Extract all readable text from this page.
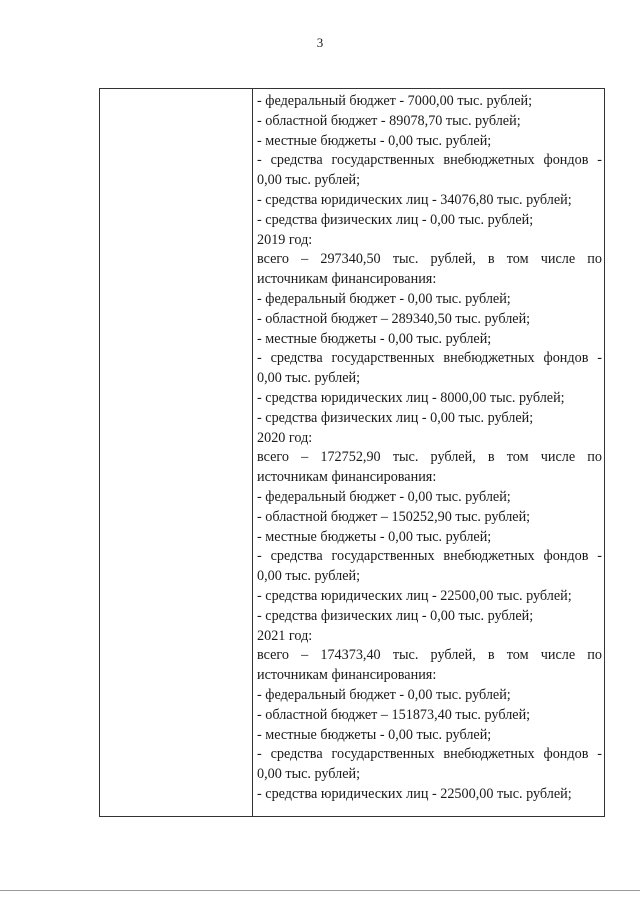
3
- федеральный бюджет - 7000,00 тыс. рублей;
- областной бюджет - 89078,70 тыс. рублей;
- местные бюджеты - 0,00 тыс. рублей;
- средства государственных внебюджетных фондов -
0,00 тыс. рублей;
- средства юридических лиц - 34076,80 тыс. рублей;
- средства физических лиц - 0,00 тыс. рублей;
2019 год:
всего – 297340,50 тыс. рублей, в том числе по
источникам финансирования:
- федеральный бюджет - 0,00 тыс. рублей;
- областной бюджет – 289340,50 тыс. рублей;
- местные бюджеты - 0,00 тыс. рублей;
- средства государственных внебюджетных фондов -
0,00 тыс. рублей;
- средства юридических лиц - 8000,00 тыс. рублей;
- средства физических лиц - 0,00 тыс. рублей;
2020 год:
всего – 172752,90 тыс. рублей, в том числе по
источникам финансирования:
- федеральный бюджет - 0,00 тыс. рублей;
- областной бюджет – 150252,90 тыс. рублей;
- местные бюджеты - 0,00 тыс. рублей;
- средства государственных внебюджетных фондов -
0,00 тыс. рублей;
- средства юридических лиц - 22500,00 тыс. рублей;
- средства физических лиц - 0,00 тыс. рублей;
2021 год:
всего – 174373,40 тыс. рублей, в том числе по
источникам финансирования:
- федеральный бюджет - 0,00 тыс. рублей;
- областной бюджет – 151873,40 тыс. рублей;
- местные бюджеты - 0,00 тыс. рублей;
- средства государственных внебюджетных фондов -
0,00 тыс. рублей;
- средства юридических лиц - 22500,00 тыс. рублей;
